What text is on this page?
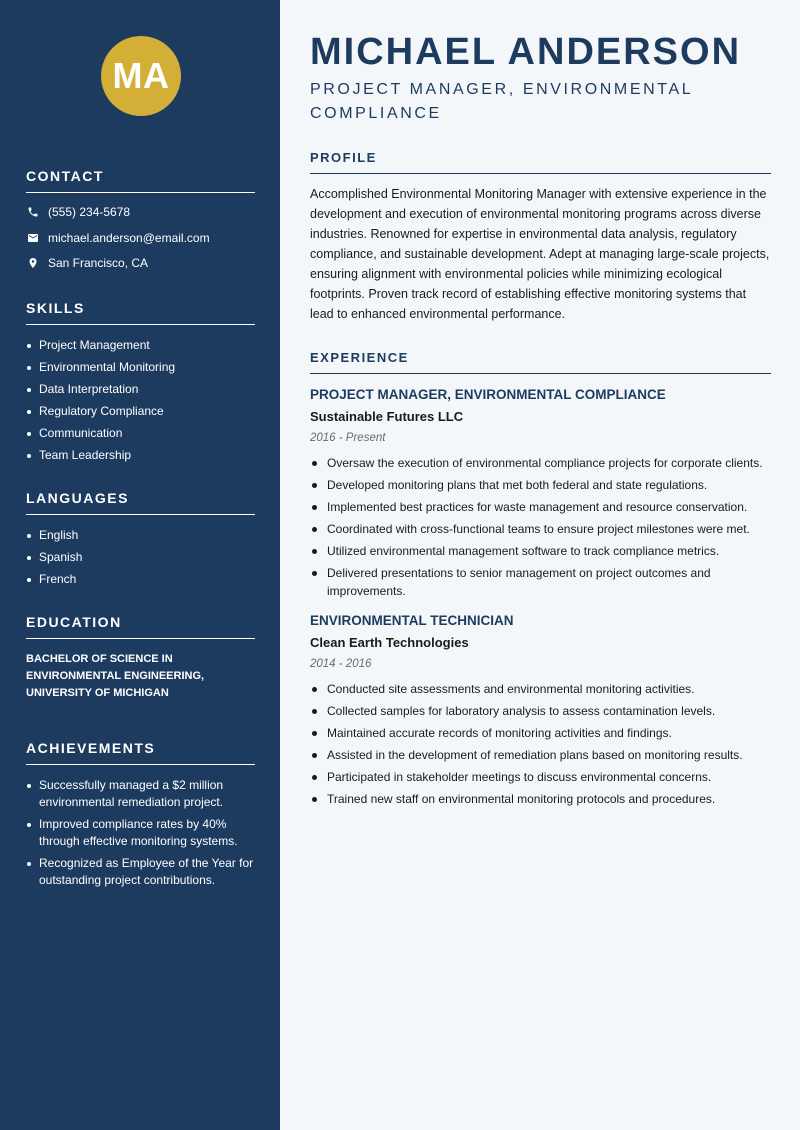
MA
CONTACT
(555) 234-5678
michael.anderson@email.com
San Francisco, CA
SKILLS
Project Management
Environmental Monitoring
Data Interpretation
Regulatory Compliance
Communication
Team Leadership
LANGUAGES
English
Spanish
French
EDUCATION
BACHELOR OF SCIENCE IN ENVIRONMENTAL ENGINEERING, UNIVERSITY OF MICHIGAN
ACHIEVEMENTS
Successfully managed a $2 million environmental remediation project.
Improved compliance rates by 40% through effective monitoring systems.
Recognized as Employee of the Year for outstanding project contributions.
MICHAEL ANDERSON
PROJECT MANAGER, ENVIRONMENTAL COMPLIANCE
PROFILE

Accomplished Environmental Monitoring Manager with extensive experience in the development and execution of environmental monitoring programs across diverse industries. Renowned for expertise in environmental data analysis, regulatory compliance, and sustainable development. Adept at managing large-scale projects, ensuring alignment with environmental policies while minimizing ecological footprints. Proven track record of establishing effective monitoring systems that lead to enhanced environmental performance.

EXPERIENCE
PROJECT MANAGER, ENVIRONMENTAL COMPLIANCE
Sustainable Futures LLC
2016 - Present
Oversaw the execution of environmental compliance projects for corporate clients.
Developed monitoring plans that met both federal and state regulations.
Implemented best practices for waste management and resource conservation.
Coordinated with cross-functional teams to ensure project milestones were met.
Utilized environmental management software to track compliance metrics.
Delivered presentations to senior management on project outcomes and improvements.
ENVIRONMENTAL TECHNICIAN
Clean Earth Technologies
2014 - 2016
Conducted site assessments and environmental monitoring activities.
Collected samples for laboratory analysis to assess contamination levels.
Maintained accurate records of monitoring activities and findings.
Assisted in the development of remediation plans based on monitoring results.
Participated in stakeholder meetings to discuss environmental concerns.
Trained new staff on environmental monitoring protocols and procedures.
